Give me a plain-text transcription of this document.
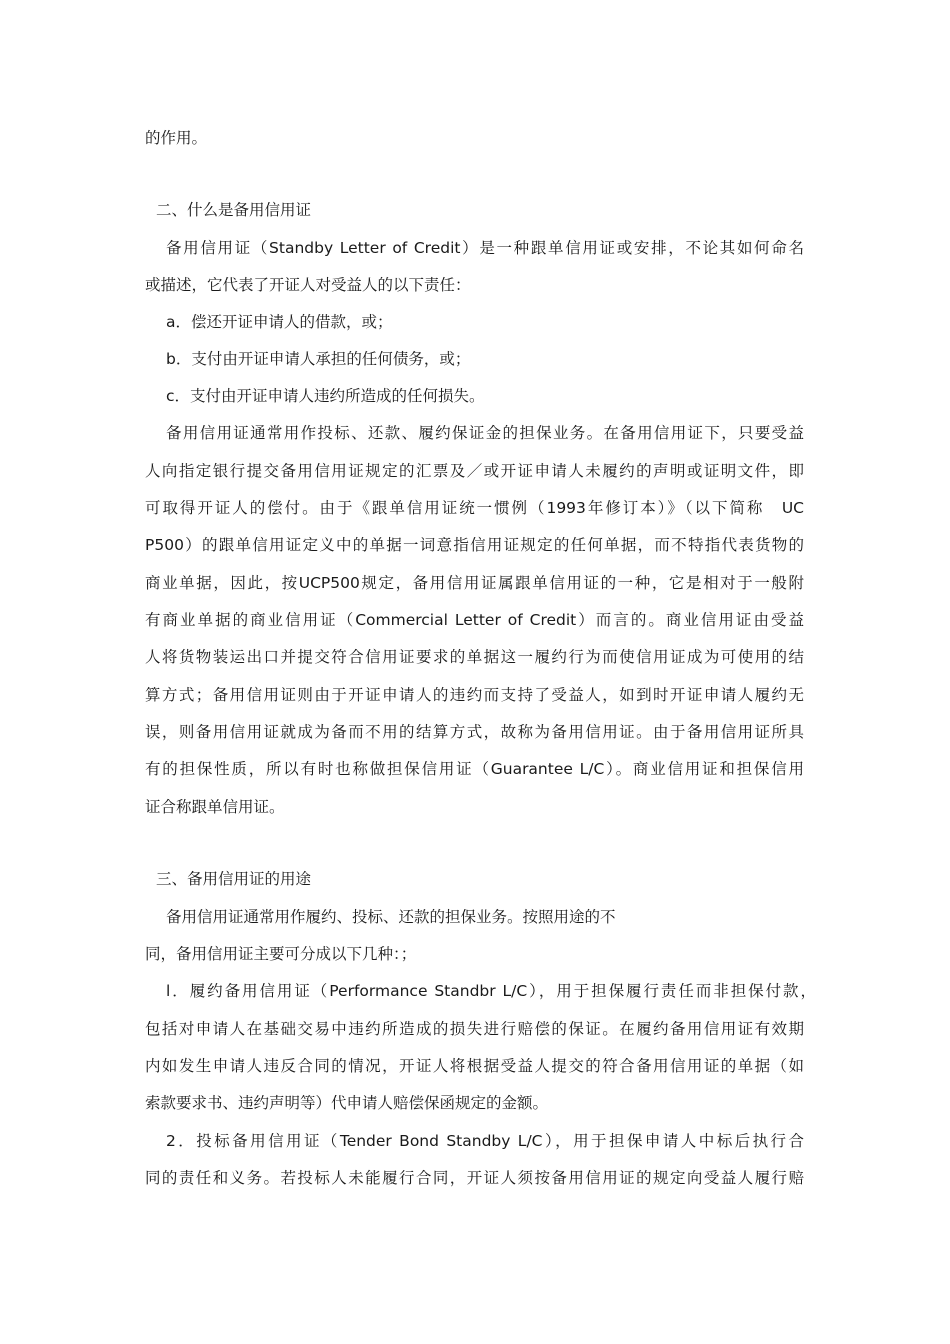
的作用。
二、什么是备用信用证
备用信用证（Standby Letter of Credit）是一种跟单信用证或安排，不论其如何命名
或描述，它代表了开证人对受益人的以下责任：
a．偿还开证申请人的借款，或；
b．支付由开证申请人承担的任何债务，或；
c．支付由开证申请人违约所造成的任何损失。
备用信用证通常用作投标、还款、履约保证金的担保业务。在备用信用证下，只要受益
人向指定银行提交备用信用证规定的汇票及／或开证申请人未履约的声明或证明文件，即
可取得开证人的偿付。由于《跟单信用证统一惯例（1993年修订本）》（以下简称　UC
P500）的跟单信用证定义中的单据一词意指信用证规定的任何单据，而不特指代表货物的
商业单据，因此，按UCP500规定，备用信用证属跟单信用证的一种，它是相对于一般附
有商业单据的商业信用证（Commercial Letter of Credit）而言的。商业信用证由受益
人将货物装运出口并提交符合信用证要求的单据这一履约行为而使信用证成为可使用的结
算方式；备用信用证则由于开证申请人的违约而支持了受益人，如到时开证申请人履约无
误，则备用信用证就成为备而不用的结算方式，故称为备用信用证。由于备用信用证所具
有的担保性质，所以有时也称做担保信用证（Guarantee L/C）。商业信用证和担保信用
证合称跟单信用证。
三、备用信用证的用途
备用信用证通常用作履约、投标、还款的担保业务。按照用途的不
同，备用信用证主要可分成以下几种：；
l．履约备用信用证（Performance Standbr L/C），用于担保履行责任而非担保付款，
包括对申请人在基础交易中违约所造成的损失进行赔偿的保证。在履约备用信用证有效期
内如发生申请人违反合同的情况，开证人将根据受益人提交的符合备用信用证的单据（如
索款要求书、违约声明等）代申请人赔偿保函规定的金额。
2．投标备用信用证（Tender Bond Standby L/C），用于担保申请人中标后执行合
同的责任和义务。若投标人未能履行合同，开证人须按备用信用证的规定向受益人履行赔
